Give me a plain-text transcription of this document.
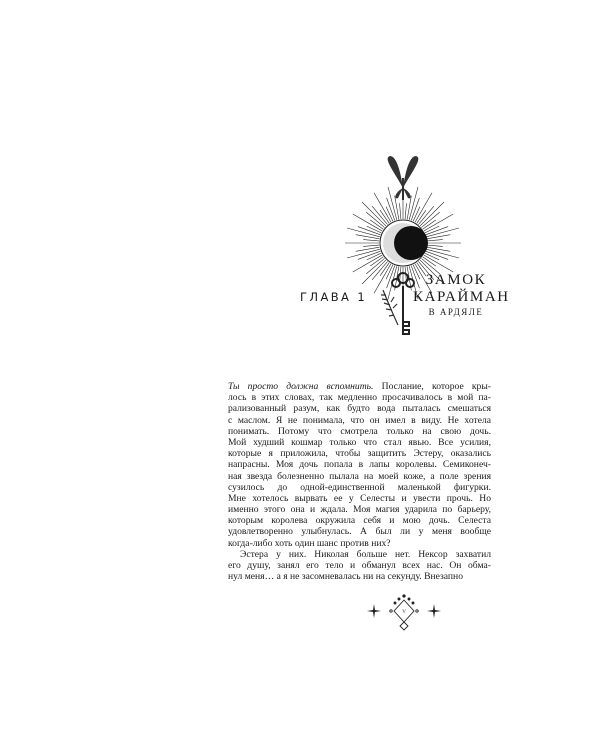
ГЛАВА 1
ЗАМОК
КАРАЙМАН
В АРДЯЛЕ
Ты просто должна вспомнить. Послание, которое кры-
лось в этих словах, так медленно просачивалось в мой па-
рализованный разум, как будто вода пыталась смешаться
с маслом. Я не понимала, что он имел в виду. Не хотела
понимать. Потому что смотрела только на свою дочь.
Мой худший кошмар только что стал явью. Все усилия,
которые я приложила, чтобы защитить Эстеру, оказались
напрасны. Моя дочь попала в лапы королевы. Семиконеч-
ная звезда болезненно пылала на моей коже, а поле зрения
сузилось до одной-единственной маленькой фигурки.
Мне хотелось вырвать ее у Селесты и увести прочь. Но
именно этого она и ждала. Моя магия ударила по барьеру,
которым королева окружила себя и мою дочь. Селеста
удовлетворенно улыбнулась. А был ли у меня вообще
когда-либо хоть один шанс против них?
Эстера у них. Николая больше нет. Нексор захватил
его душу, занял его тело и обманул всех нас. Он обма-
нул меня… а я не засомневалась ни на секунду. Внезапно
V
